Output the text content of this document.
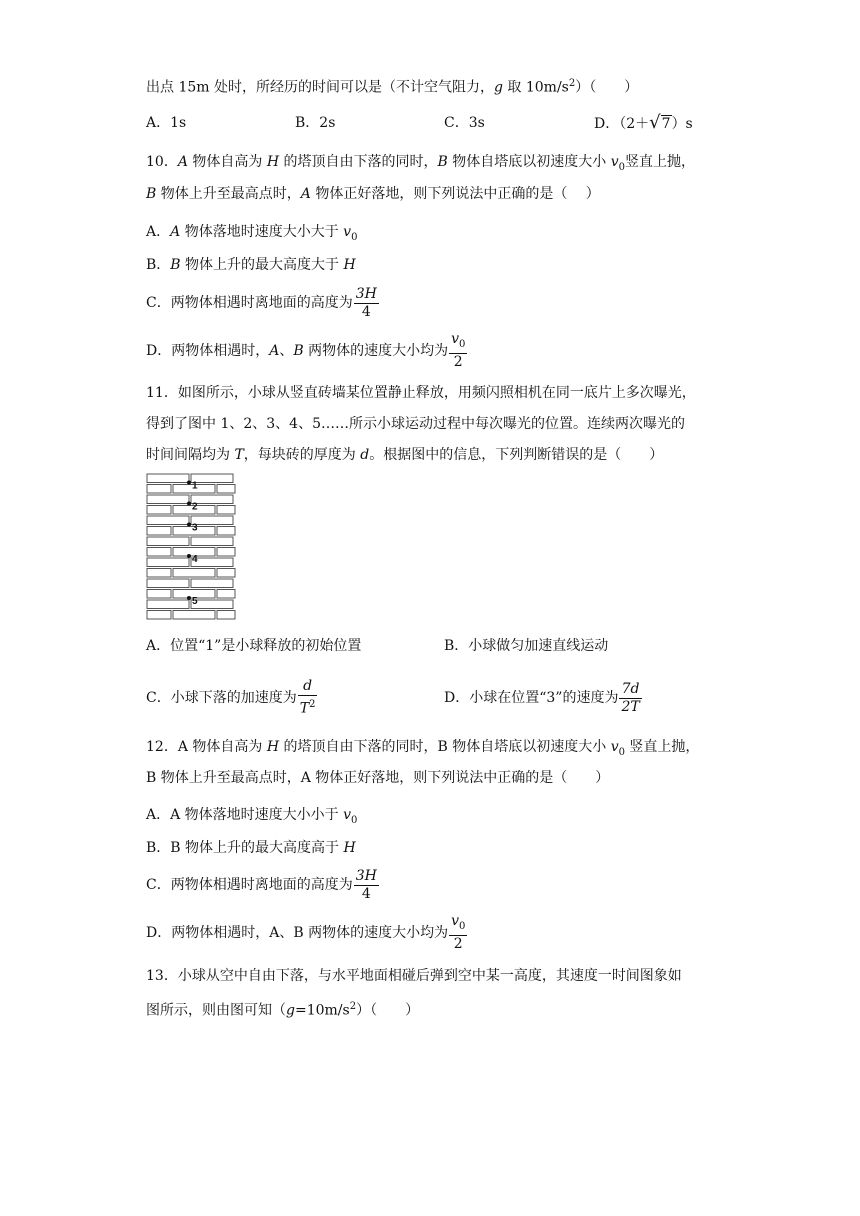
出点 15m 处时，所经历的时间可以是（不计空气阻力，g 取 $10m/s^2$）（　　）
A．1s	B．2s	C．3s	D．（2＋√7）s
10．A 物体自高为 H 的塔顶自由下落的同时，B 物体自塔底以初速度大小 $v_0$竖直上抛，
B 物体上升至最高点时，A 物体正好落地，则下列说法中正确的是（　 ）
A．A 物体落地时速度大小大于 $v_0$
B．B 物体上升的最大高度大于 H
C．两物体相遇时离地面的高度为 $\frac{3H}{4}$
D．两物体相遇时，A、B 两物体的速度大小均为 $\frac{v_0}{2}$
11．如图所示，小球从竖直砖墙某位置静止释放，用频闪照相机在同一底片上多次曝光，
得到了图中 1、2、3、4、5……所示小球运动过程中每次曝光的位置。连续两次曝光的
时间间隔均为 T，每块砖的厚度为 d。根据图中的信息，下列判断错误的是（　　）
1
2
3
4
5
A．位置“1”是小球释放的初始位置	B．小球做匀加速直线运动
C．小球下落的加速度为 $\frac{d}{T^2}$	D．小球在位置“3”的速度为 $\frac{7d}{2T}$
12．A 物体自高为 H 的塔顶自由下落的同时，B 物体自塔底以初速度大小 $v_0$ 竖直上抛，
B 物体上升至最高点时，A 物体正好落地，则下列说法中正确的是（　　）
A．A 物体落地时速度大小小于 $v_0$
B．B 物体上升的最大高度高于 H
C．两物体相遇时离地面的高度为 $\frac{3H}{4}$
D．两物体相遇时，A、B 两物体的速度大小均为 $\frac{v_0}{2}$
13．小球从空中自由下落，与水平地面相碰后弹到空中某一高度，其速度一时间图象如
图所示，则由图可知$(g=10m/s^2)$（　　）
